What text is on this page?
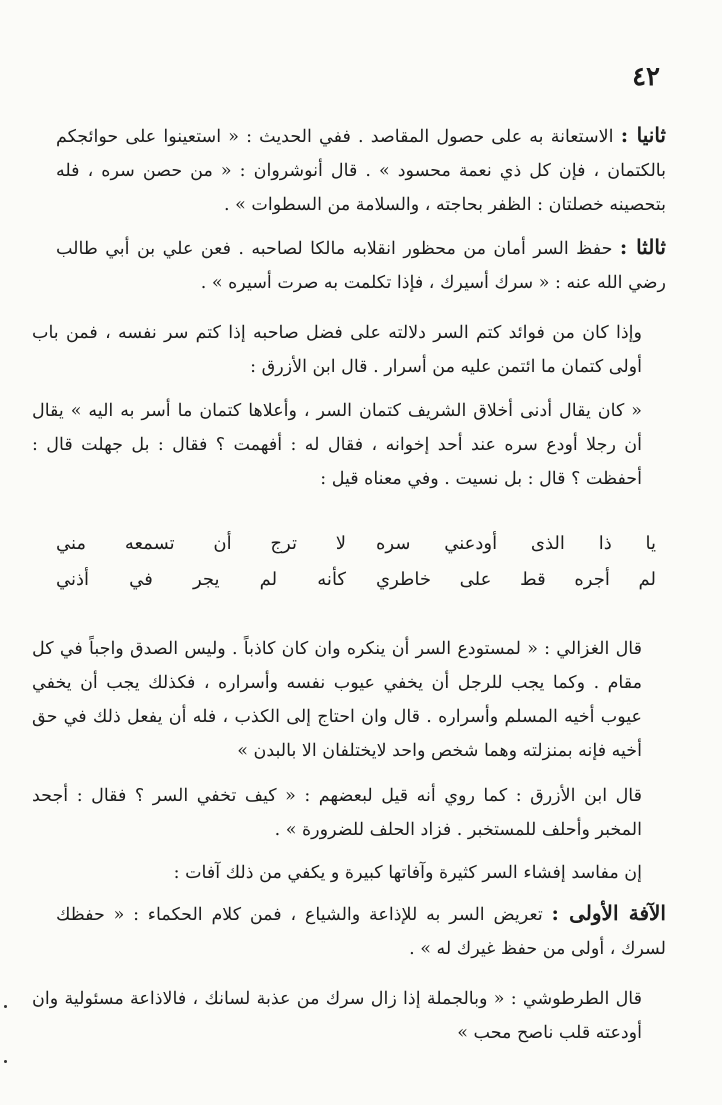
٤٢
ثانيا : الاستعانة به على حصول المقاصد . ففي الحديث : « استعينوا على حوائجكم بالكتمان ، فإن كل ذي نعمة محسود » . قال أنوشروان : « من حصن سره ، فله بتحصينه خصلتان : الظفر بحاجته ، والسلامة من السطوات » .
ثالثا : حفظ السر أمان من محظور انقلابه مالكا لصاحبه . فعن علي بن أبي طالب رضي الله عنه : « سرك أسيرك ، فإذا تكلمت به صرت أسيره » .
وإذا كان من فوائد كتم السر دلالته على فضل صاحبه إذا كتم سر نفسه ، فمن باب أولى كتمان ما ائتمن عليه من أسرار . قال ابن الأزرق :
« كان يقال أدنى أخلاق الشريف كتمان السر ، وأعلاها كتمان ما أسر به اليه » يقال أن رجلا أودع سره عند أحد إخوانه ، فقال له : أفهمت ؟ فقال : بل جهلت قال : أحفظت ؟ قال : بل نسيت . وفي معناه قيل :
يا ذا الذى أودعني سره
لا ترج أن تسمعه مني
لم أجره قط على خاطري
كأنه لم يجر في أذني
قال الغزالي : « لمستودع السر أن ينكره وان كان كاذباً . وليس الصدق واجباً في كل مقام . وكما يجب للرجل أن يخفي عيوب نفسه وأسراره ، فكذلك يجب أن يخفي عيوب أخيه المسلم وأسراره . قال وان احتاج إلى الكذب ، فله أن يفعل ذلك في حق أخيه فإنه بمنزلته وهما شخص واحد لايختلفان الا بالبدن »
قال ابن الأزرق : كما روي أنه قيل لبعضهم : « كيف تخفي السر ؟ فقال : أجحد المخبر وأحلف للمستخبر . فزاد الحلف للضرورة » .
إن مفاسد إفشاء السر كثيرة وآفاتها كبيرة و يكفي من ذلك آفات :
الآفة الأولى : تعريض السر به للإذاعة والشياع ، فمن كلام الحكماء : « حفظك لسرك ، أولى من حفظ غيرك له » .
قال الطرطوشي : « وبالجملة إذا زال سرك من عذبة لسانك ، فالاذاعة مسئولية وان أودعته قلب ناصح محب »
